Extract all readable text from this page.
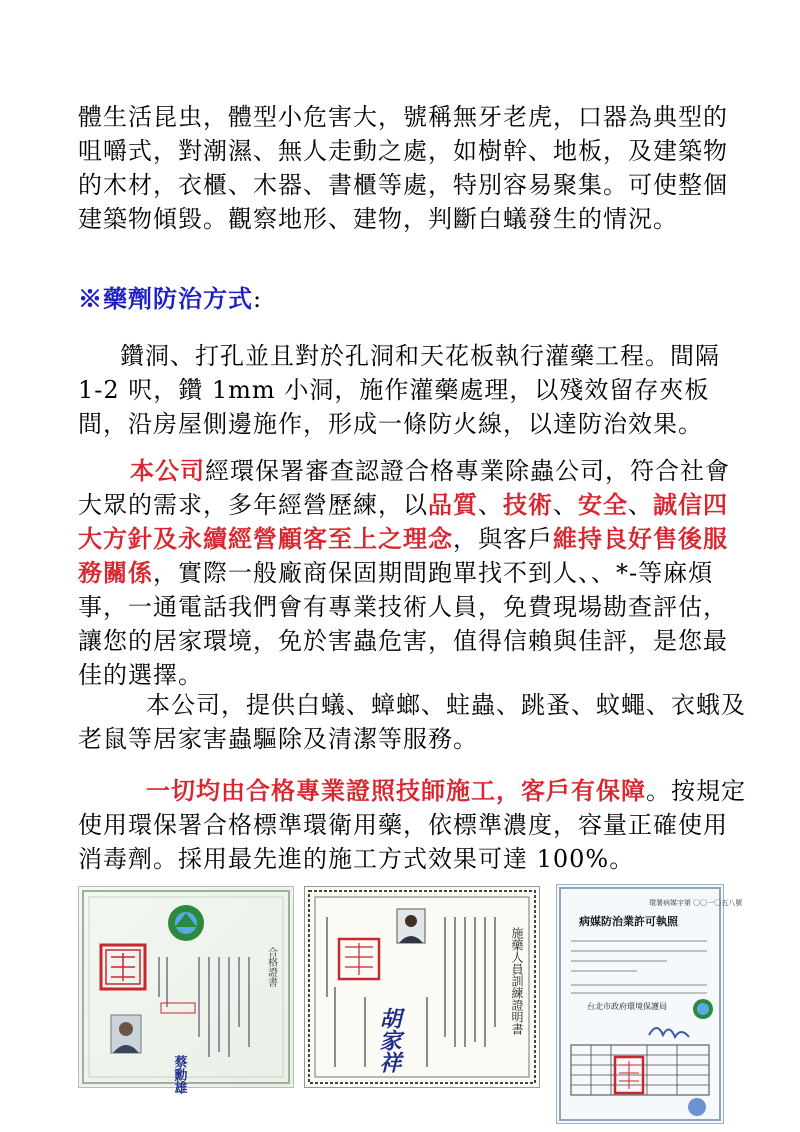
體生活昆虫，體型小危害大，號稱無牙老虎，口器為典型的咀嚼式，對潮濕、無人走動之處，如樹幹、地板，及建築物的木材，衣櫃、木器、書櫃等處，特別容易聚集。可使整個建築物傾毀。觀察地形、建物，判斷白蟻發生的情況。

※藥劑防治方式:

鑽洞、打孔並且對於孔洞和天花板執行灌藥工程。間隔 1-2 呎，鑽 1mm 小洞，施作灌藥處理，以殘效留存夾板間，沿房屋側邊施作，形成一條防火線，以達防治效果。

本公司經環保署審查認證合格專業除蟲公司，符合社會大眾的需求，多年經營歷練，以品質、技術、安全、誠信四大方針及永續經營顧客至上之理念，與客戶維持良好售後服務關係，實際一般廠商保固期間跑單找不到人、、*-等麻煩事，一通電話我們會有專業技術人員，免費現場勘查評估，讓您的居家環境，免於害蟲危害，值得信賴與佳評，是您最佳的選擇。

本公司，提供白蟻、蟑螂、蛀蟲、跳蚤、蚊蠅、衣蛾及老鼠等居家害蟲驅除及清潔等服務。

一切均由合格專業證照技師施工，客戶有保障。按規定使用環保署合格標準環衛用藥，依標準濃度，容量正確使用消毒劑。採用最先進的施工方式效果可達 100%。

蔡勳雄
合格證書
胡家祥
施藥人員訓練證明書
環署病媒字第 〇〇一〇五八號
病媒防治業許可執照
台北市政府環境保護局
